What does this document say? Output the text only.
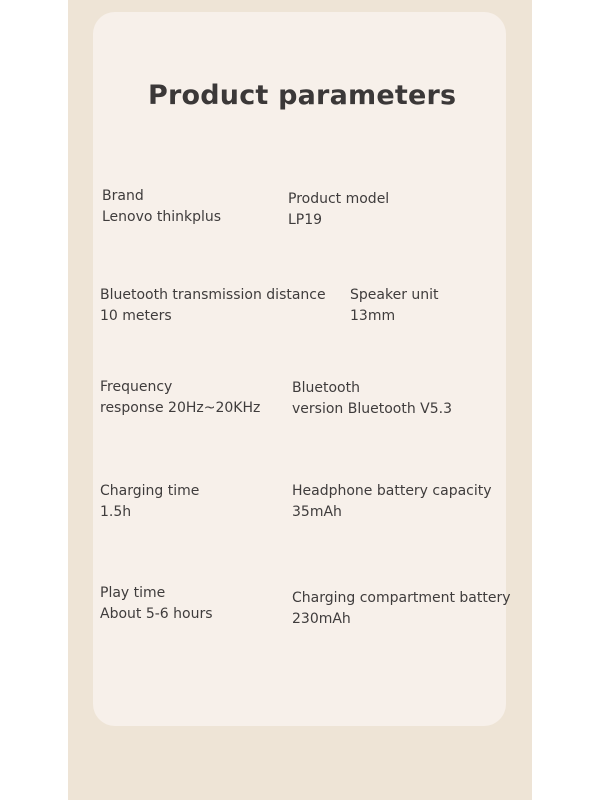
Product parameters
Brand
Lenovo thinkplus
Product model
LP19
Bluetooth transmission distance
10 meters
Speaker unit
13mm
Frequency
response 20Hz~20KHz
Bluetooth
version Bluetooth V5.3
Charging time
1.5h
Headphone battery capacity
35mAh
Play time
About 5-6 hours
Charging compartment battery
230mAh
